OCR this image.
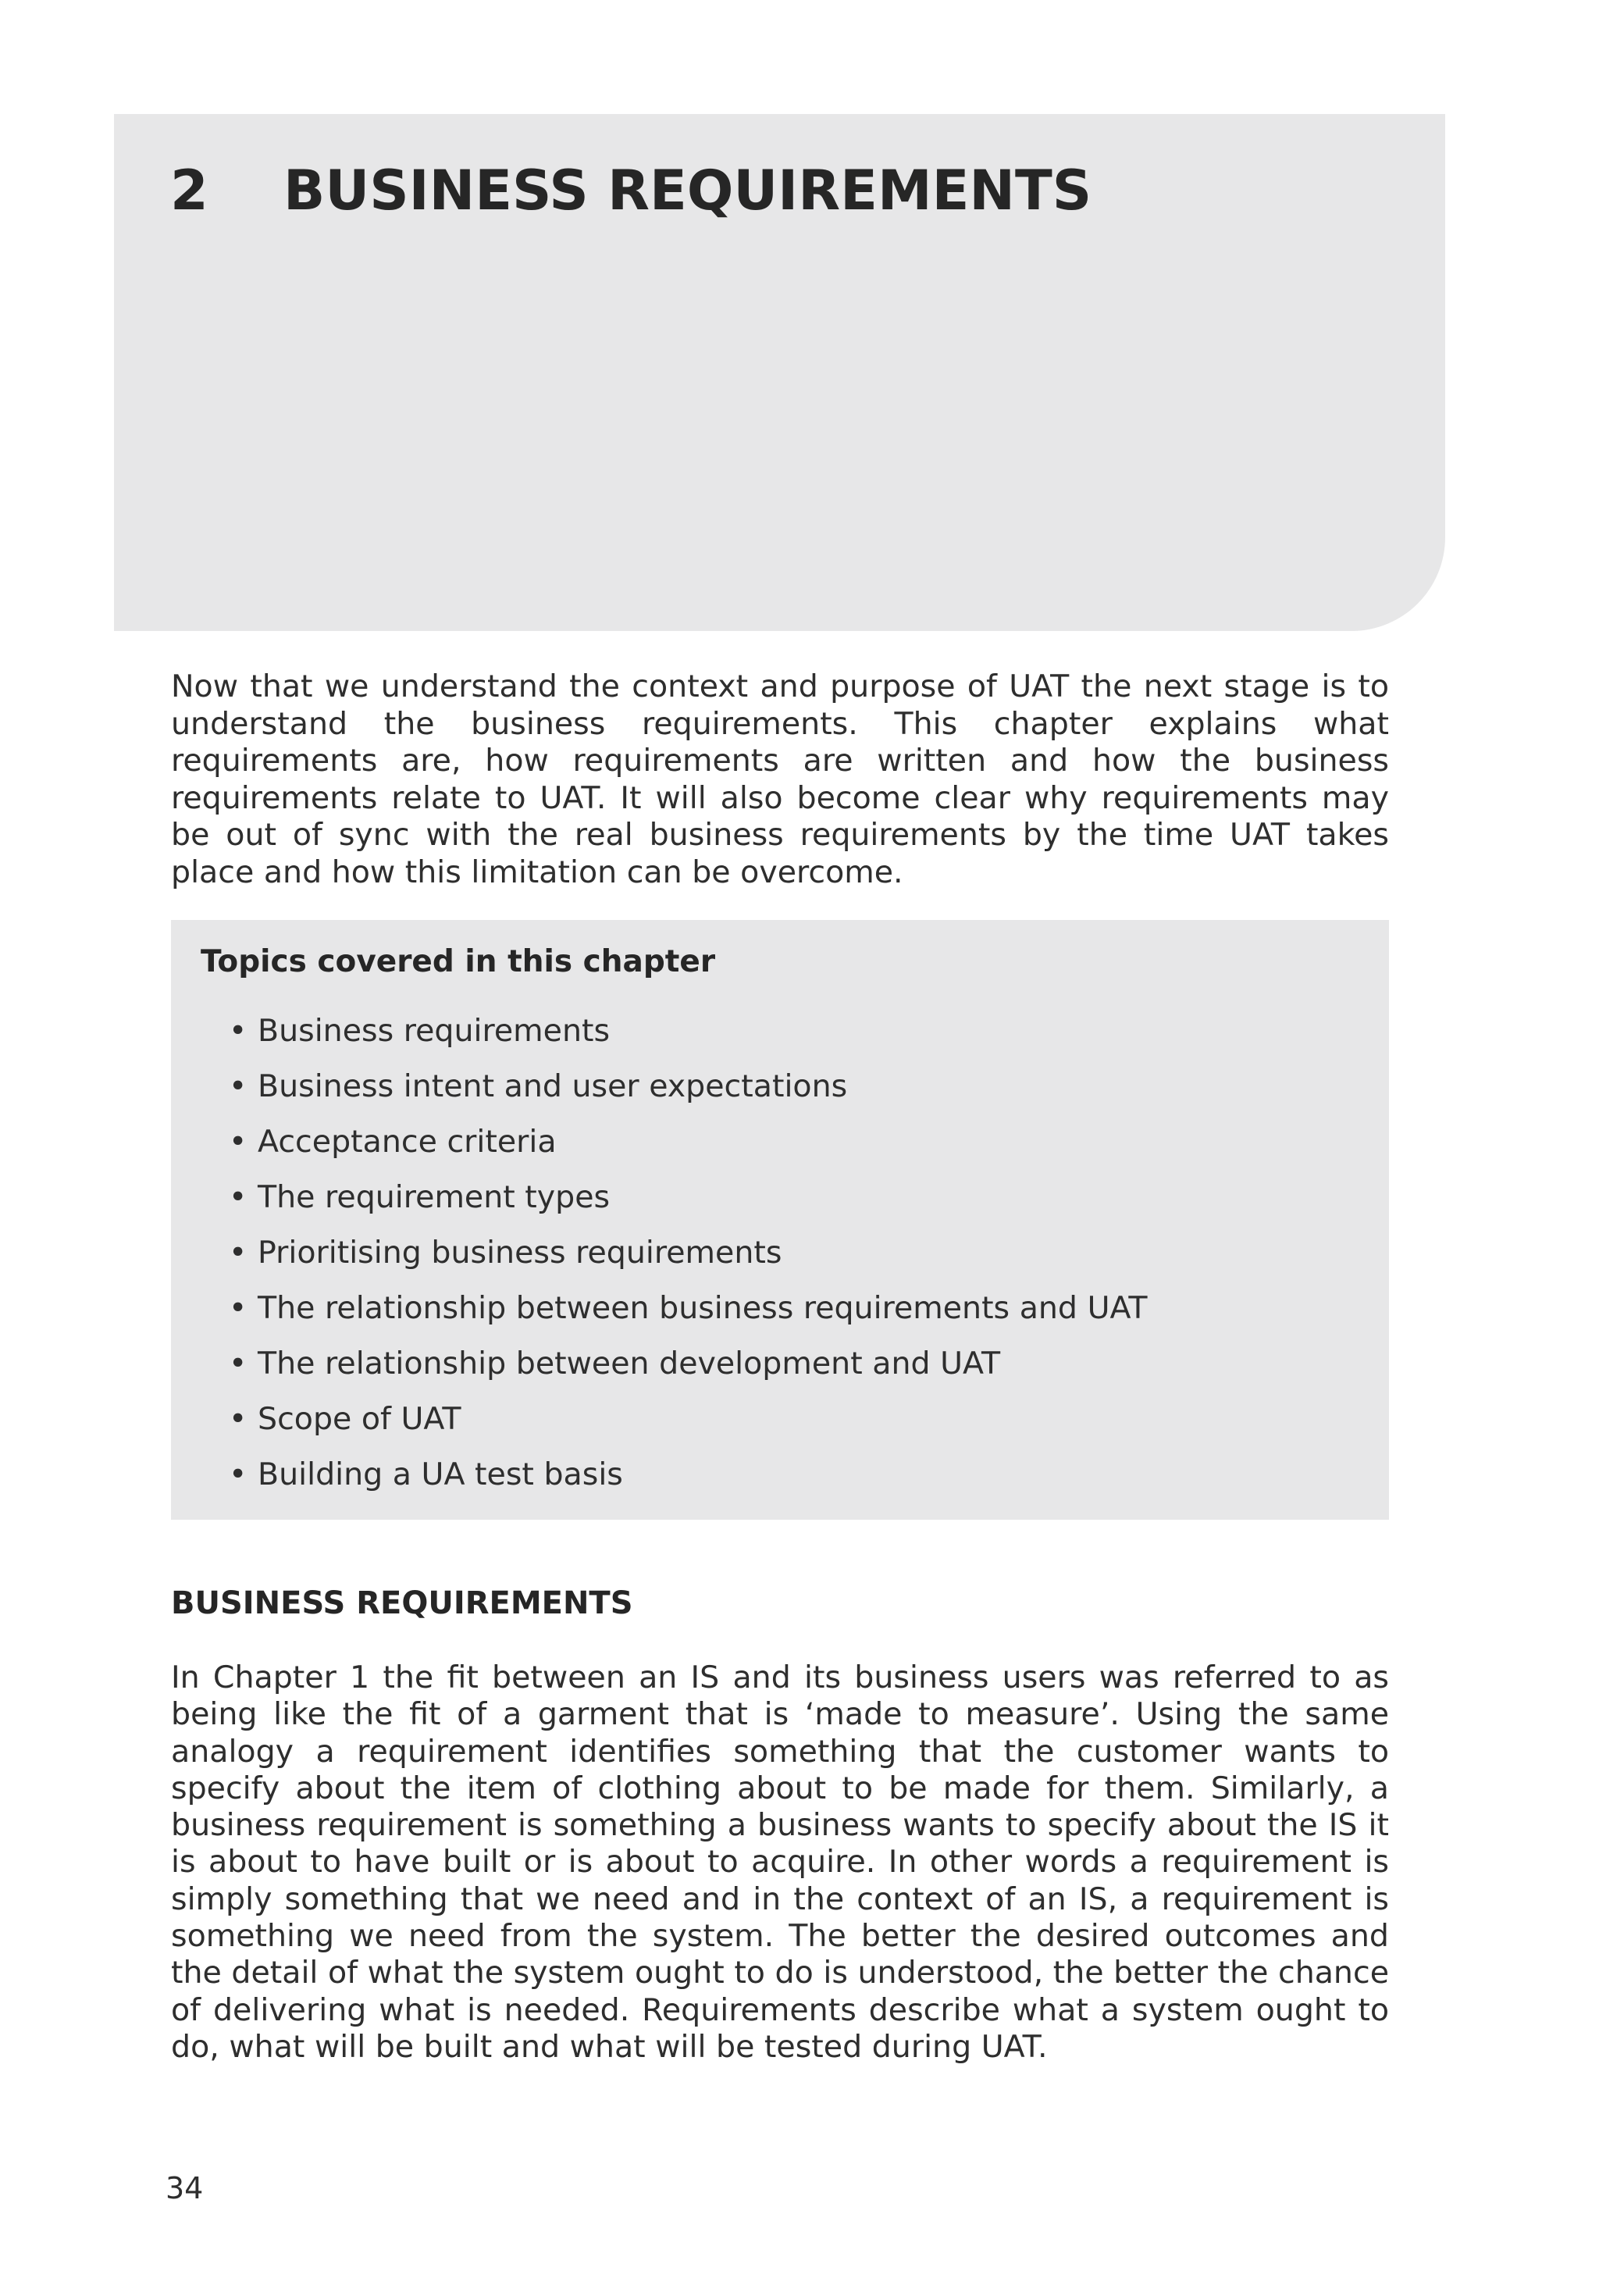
2 BUSINESS REQUIREMENTS

Now that we understand the context and purpose of UAT the next stage is to understand the business requirements. This chapter explains what requirements are, how requirements are written and how the business requirements relate to UAT. It will also become clear why requirements may be out of sync with the real business requirements by the time UAT takes place and how this limitation can be overcome.

Topics covered in this chapter

• Business requirements
• Business intent and user expectations
• Acceptance criteria
• The requirement types
• Prioritising business requirements
• The relationship between business requirements and UAT
• The relationship between development and UAT
• Scope of UAT
• Building a UA test basis
BUSINESS REQUIREMENTS

In Chapter 1 the fit between an IS and its business users was referred to as being like the fit of a garment that is ‘made to measure’. Using the same analogy a requirement identifies something that the customer wants to specify about the item of clothing about to be made for them. Similarly, a business requirement is something a business wants to specify about the IS it is about to have built or is about to acquire. In other words a requirement is simply something that we need and in the context of an IS, a requirement is something we need from the system. The better the desired outcomes and the detail of what the system ought to do is understood, the better the chance of delivering what is needed. Requirements describe what a system ought to do, what will be built and what will be tested during UAT.

34
